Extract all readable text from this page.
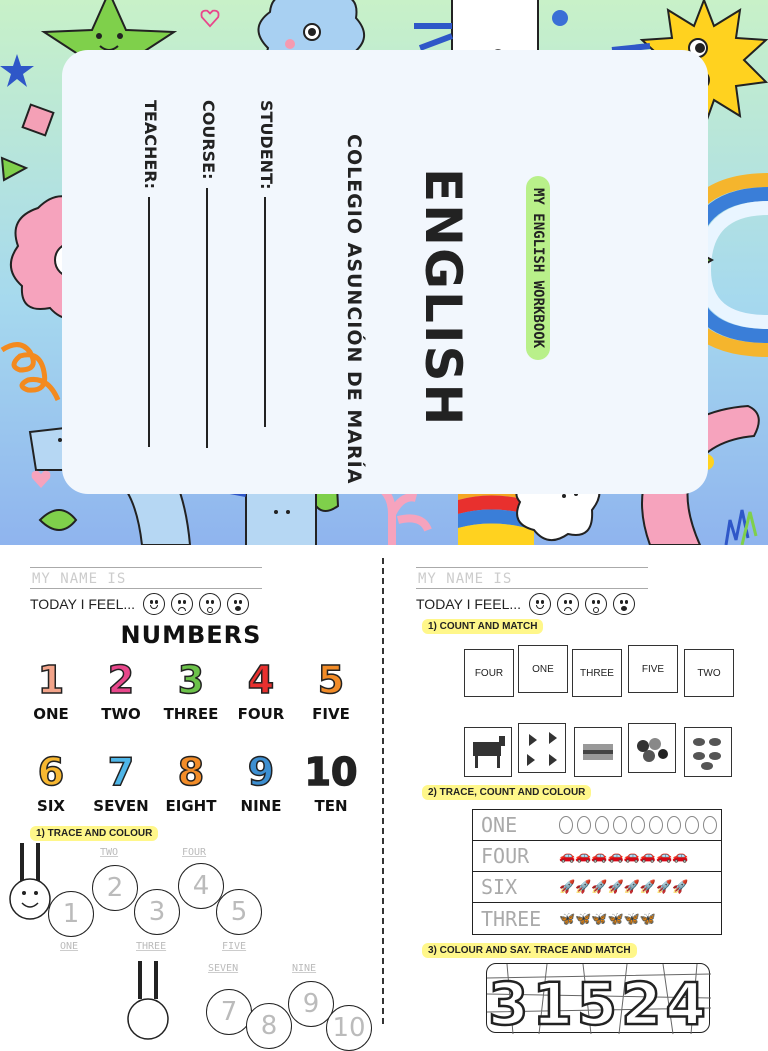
ENGLISH	MY ENGLISH WORKBOOK
COLEGIO ASUNCIÓN DE MARÍA
STUDENT:
COURSE:
TEACHER:
MY NAME IS
TODAY I FEEL...
NUMBERS
1
ONE
2
TWO
3
THREE
4
FOUR
5
FIVE
6
SIX
7
SEVEN
8
EIGHT
9
NINE
10
TEN
1) TRACE AND COLOUR
1
2
3
4
5
TWO	FOUR
ONE	THREE	FIVE
SEVEN	NINE
7 8
9
10
MY NAME IS
TODAY I FEEL...
1) COUNT AND MATCH
FOUR	ONE	THREE	FIVE	TWO
2) TRACE, COUNT AND COLOUR
ONE
FOUR	🚗🚗🚗🚗🚗🚗🚗🚗
SIX	🚀🚀🚀🚀🚀🚀🚀🚀
THREE	🦋🦋🦋🦋🦋🦋
3) COLOUR AND SAY. TRACE AND MATCH
31524
